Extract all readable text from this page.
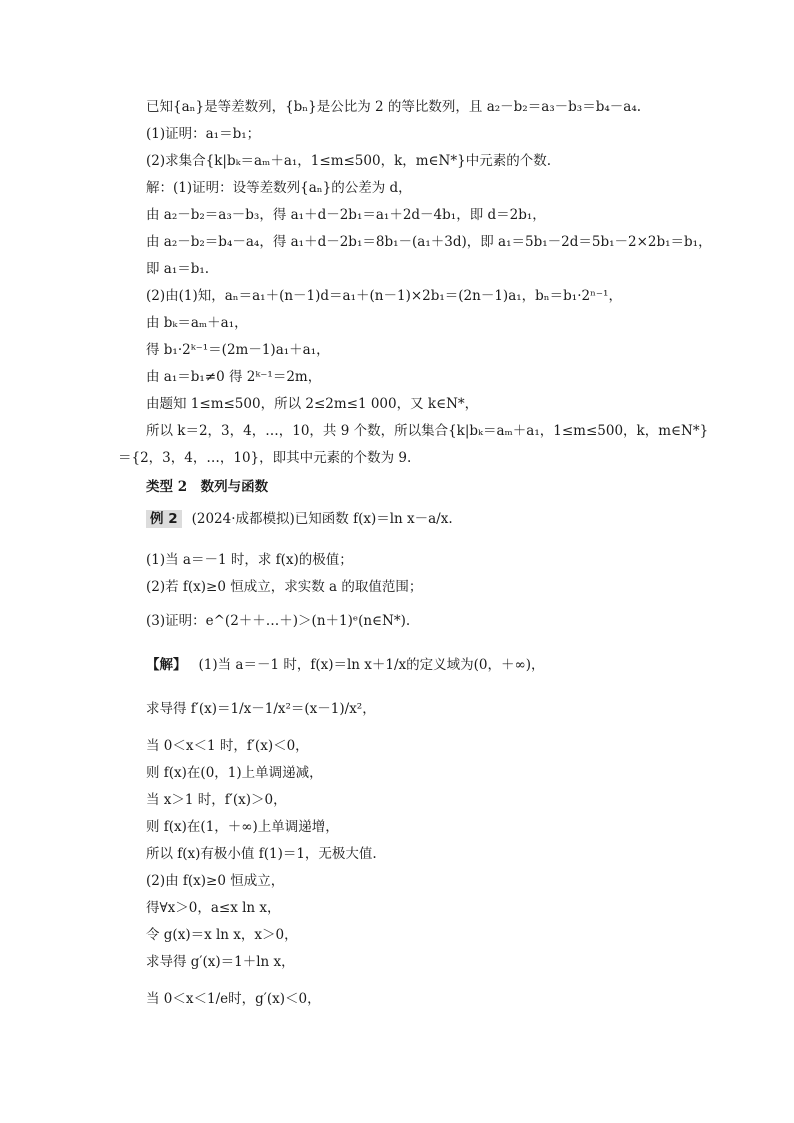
已知{aₙ}是等差数列，{bₙ}是公比为 2 的等比数列，且 a₂－b₂＝a₃－b₃＝b₄－a₄.
(1)证明：a₁＝b₁；
(2)求集合{k|bₖ＝aₘ＋a₁，1≤m≤500，k，m∈N*}中元素的个数.
解：(1)证明：设等差数列{aₙ}的公差为 d，
由 a₂－b₂＝a₃－b₃，得 a₁＋d－2b₁＝a₁＋2d－4b₁，即 d＝2b₁，
由 a₂－b₂＝b₄－a₄，得 a₁＋d－2b₁＝8b₁－(a₁＋3d)，即 a₁＝5b₁－2d＝5b₁－2×2b₁＝b₁，
即 a₁＝b₁.
(2)由(1)知，aₙ＝a₁＋(n－1)d＝a₁＋(n－1)×2b₁＝(2n－1)a₁，bₙ＝b₁·2ⁿ⁻¹，
由 bₖ＝aₘ＋a₁，
得 b₁·2ᵏ⁻¹＝(2m－1)a₁＋a₁，
由 a₁＝b₁≠0 得 2ᵏ⁻¹＝2m，
由题知 1≤m≤500，所以 2≤2m≤1 000，又 k∈N*，
所以 k＝2，3，4，…，10，共 9 个数，所以集合{k|bₖ＝aₘ＋a₁，1≤m≤500，k，m∈N*}
＝{2，3，4，…，10}，即其中元素的个数为 9.
类型 2　数列与函数
例 2 (2024·成都模拟)已知函数 f(x)＝ln x－a/x.
(1)当 a＝－1 时，求 f(x)的极值；
(2)若 f(x)≥0 恒成立，求实数 a 的取值范围；
(3)证明：e^(2＋＋…＋)＞(n＋1)ᵉ(n∈N*).
【解】 (1)当 a＝－1 时，f(x)＝ln x＋1/x的定义域为(0，＋∞)，
求导得 f′(x)＝1/x－1/x²＝(x－1)/x²，
当 0＜x＜1 时，f′(x)＜0，
则 f(x)在(0，1)上单调递减，
当 x＞1 时，f′(x)＞0，
则 f(x)在(1，＋∞)上单调递增，
所以 f(x)有极小值 f(1)＝1，无极大值.
(2)由 f(x)≥0 恒成立，
得∀x＞0，a≤x ln x，
令 g(x)＝x ln x，x＞0，
求导得 g′(x)＝1＋ln x，
当 0＜x＜1/e时，g′(x)＜0，
